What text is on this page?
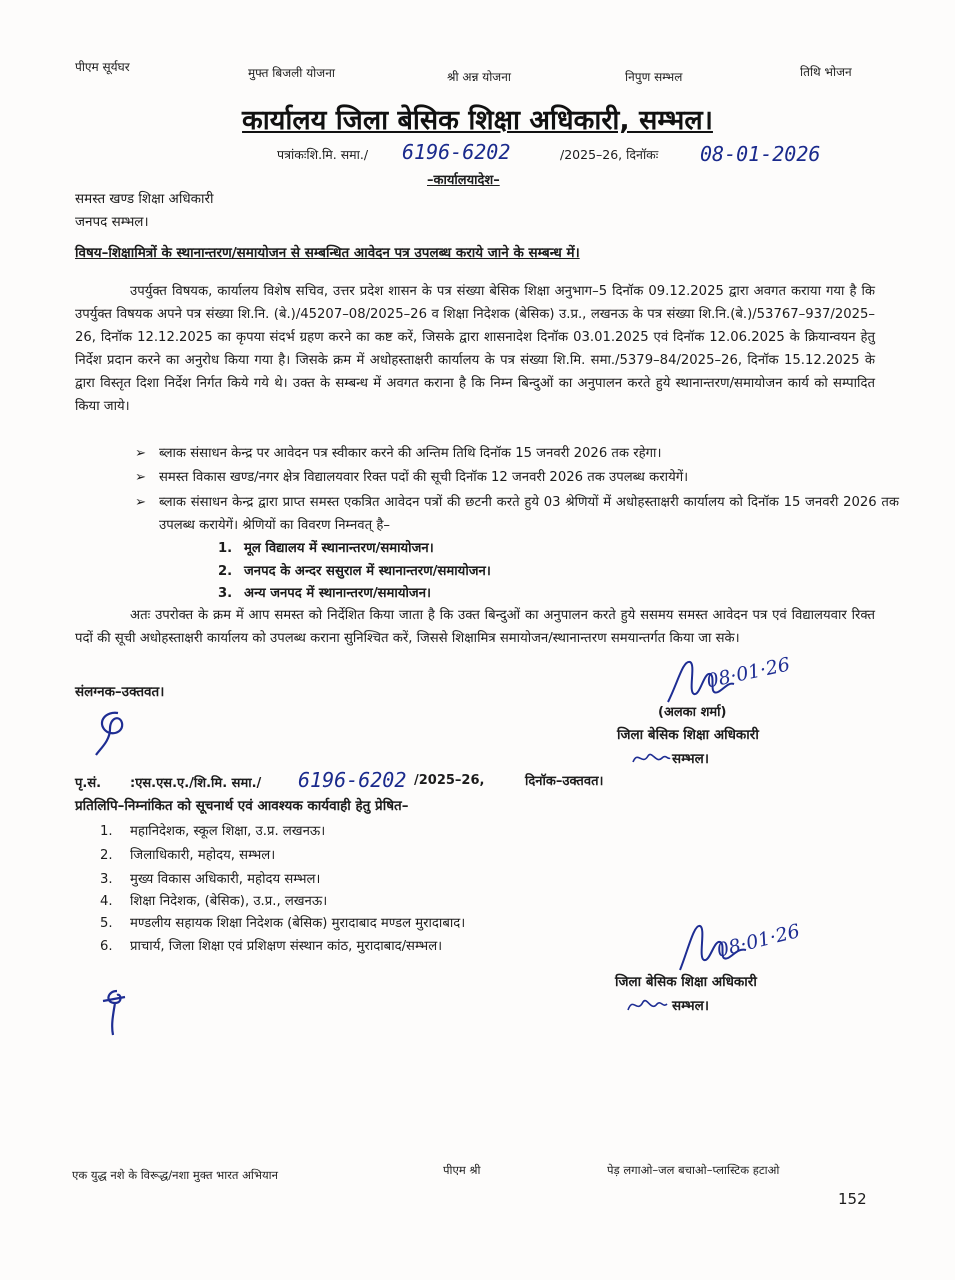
पीएम सूर्यघर	मुफ्त बिजली योजना	श्री अन्न योजना	निपुण सम्भल	तिथि भोजन
कार्यालय जिला बेसिक शिक्षा अधिकारी, सम्भल।
पत्रांकःशि.मि. समा./ 6196-6202	/2025–26, दिनॉकः 08-01-2026
–कार्यालयादेश–
समस्त खण्ड शिक्षा अधिकारी
जनपद सम्भल।
विषय–शिक्षामित्रों के स्थानान्तरण/समायोजन से सम्बन्धित आवेदन पत्र उपलब्ध कराये जाने के सम्बन्ध में।
उपर्युक्त विषयक, कार्यालय विशेष सचिव, उत्तर प्रदेश शासन के पत्र संख्या बेसिक शिक्षा अनुभाग–5 दिनॉक 09.12.2025 द्वारा अवगत कराया गया है कि उपर्युक्त विषयक अपने पत्र संख्या शि.नि. (बे.)/45207–08/2025–26 व शिक्षा निदेशक (बेसिक) उ.प्र., लखनऊ के पत्र संख्या शि.नि.(बे.)/53767–937/2025–26, दिनॉक 12.12.2025 का कृपया संदर्भ ग्रहण करने का कष्ट करें, जिसके द्वारा शासनादेश दिनॉक 03.01.2025 एवं दिनॉक 12.06.2025 के क्रियान्वयन हेतु निर्देश प्रदान करने का अनुरोध किया गया है। जिसके क्रम में अधोहस्ताक्षरी कार्यालय के पत्र संख्या शि.मि. समा./5379–84/2025–26, दिनॉक 15.12.2025 के द्वारा विस्तृत दिशा निर्देश निर्गत किये गये थे। उक्त के सम्बन्ध में अवगत कराना है कि निम्न बिन्दुओं का अनुपालन करते हुये स्थानान्तरण/समायोजन कार्य को सम्पादित किया जाये।
➢ ब्लाक संसाधन केन्द्र पर आवेदन पत्र स्वीकार करने की अन्तिम तिथि दिनॉक 15 जनवरी 2026 तक रहेगा।
➢ समस्त विकास खण्ड/नगर क्षेत्र विद्यालयवार रिक्त पदों की सूची दिनॉक 12 जनवरी 2026 तक उपलब्ध करायेगें।
➢ ब्लाक संसाधन केन्द्र द्वारा प्राप्त समस्त एकत्रित आवेदन पत्रों की छटनी करते हुये 03 श्रेणियों में अधोहस्ताक्षरी कार्यालय को दिनॉक 15 जनवरी 2026 तक उपलब्ध करायेगें। श्रेणियों का विवरण निम्नवत् है–
1. मूल विद्यालय में स्थानान्तरण/समायोजन।
2. जनपद के अन्दर ससुराल में स्थानान्तरण/समायोजन।
3. अन्य जनपद में स्थानान्तरण/समायोजन।
अतः उपरोक्त के क्रम में आप समस्त को निर्देशित किया जाता है कि उक्त बिन्दुओं का अनुपालन करते हुये ससमय समस्त आवेदन पत्र एवं विद्यालयवार रिक्त पदों की सूची अधोहस्ताक्षरी कार्यालय को उपलब्ध कराना सुनिश्चित करें, जिससे शिक्षामित्र समायोजन/स्थानान्तरण समयान्तर्गत किया जा सके।
संलग्नक–उक्तवत।	08·01·26
(अलका शर्मा)
जिला बेसिक शिक्षा अधिकारी
सम्भल।
पृ.सं. :एस.एस.ए./शि.मि. समा./ 6196-6202 /2025–26,	दिनॉक–उक्तवत।
प्रतिलिपि–निम्नांकित को सूचनार्थ एवं आवश्यक कार्यवाही हेतु प्रेषित–
1. महानिदेशक, स्कूल शिक्षा, उ.प्र. लखनऊ।
2. जिलाधिकारी, महोदय, सम्भल।
3. मुख्य विकास अधिकारी, महोदय सम्भल।
4. शिक्षा निदेशक, (बेसिक), उ.प्र., लखनऊ।
5. मण्डलीय सहायक शिक्षा निदेशक (बेसिक) मुरादाबाद मण्डल मुरादाबाद।
6. प्राचार्य, जिला शिक्षा एवं प्रशिक्षण संस्थान कांठ, मुरादाबाद/सम्भल।	08·01·26
जिला बेसिक शिक्षा अधिकारी
सम्भल।
एक युद्ध नशे के विरूद्ध/नशा मुक्त भारत अभियान	पीएम श्री	पेड़ लगाओ–जल बचाओ–प्लास्टिक हटाओ
152
